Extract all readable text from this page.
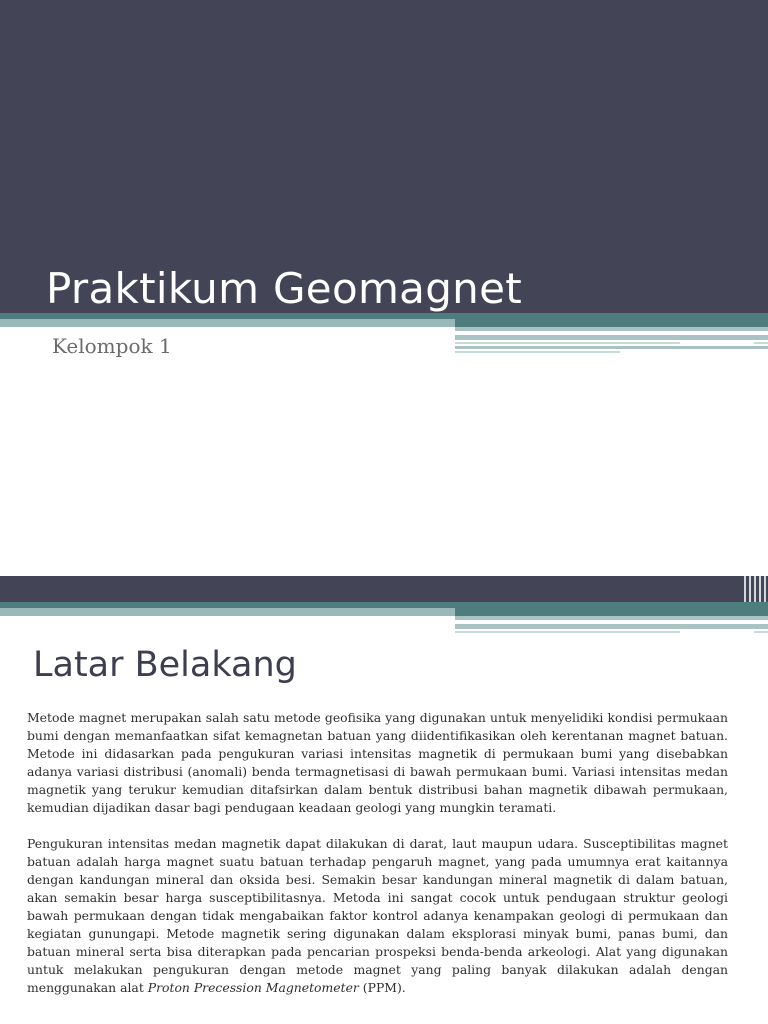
Praktikum Geomagnet
Kelompok 1
Latar Belakang

Metode magnet merupakan salah satu metode geofisika yang digunakan untuk menyelidiki kondisi permukaan bumi dengan memanfaatkan sifat kemagnetan batuan yang diidentifikasikan oleh kerentanan magnet batuan. Metode ini didasarkan pada pengukuran variasi intensitas magnetik di permukaan bumi yang disebabkan adanya variasi distribusi (anomali) benda termagnetisasi di bawah permukaan bumi. Variasi intensitas medan magnetik yang terukur kemudian ditafsirkan dalam bentuk distribusi bahan magnetik dibawah permukaan, kemudian dijadikan dasar bagi pendugaan keadaan geologi yang mungkin teramati.

Pengukuran intensitas medan magnetik dapat dilakukan di darat, laut maupun udara. Susceptibilitas magnet batuan adalah harga magnet suatu batuan terhadap pengaruh magnet, yang pada umumnya erat kaitannya dengan kandungan mineral dan oksida besi. Semakin besar kandungan mineral magnetik di dalam batuan, akan semakin besar harga susceptibilitasnya. Metoda ini sangat cocok untuk pendugaan struktur geologi bawah permukaan dengan tidak mengabaikan faktor kontrol adanya kenampakan geologi di permukaan dan kegiatan gunungapi. Metode magnetik sering digunakan dalam eksplorasi minyak bumi, panas bumi, dan batuan mineral serta bisa diterapkan pada pencarian prospeksi benda-benda arkeologi. Alat yang digunakan untuk melakukan pengukuran dengan metode magnet yang paling banyak dilakukan adalah dengan menggunakan alat Proton Precession Magnetometer (PPM).
